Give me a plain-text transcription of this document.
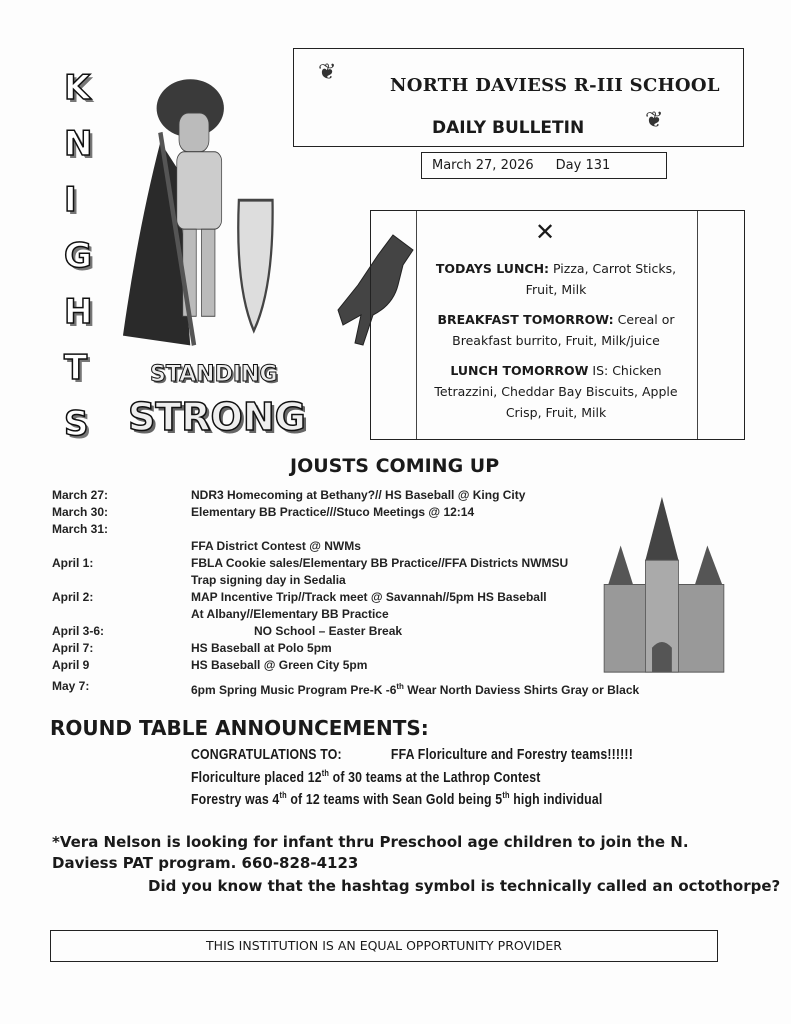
❦
❦
NORTH DAVIESS R-III SCHOOL
DAILY BULLETIN
March 27, 2026 Day 131
K
N
I
G
H
T
S
STANDING
STRONG
✕

TODAYS LUNCH: Pizza, Carrot Sticks, Fruit, Milk

BREAKFAST TOMORROW: Cereal or Breakfast burrito, Fruit, Milk/juice

LUNCH TOMORROW IS: Chicken Tetrazzini, Cheddar Bay Biscuits, Apple Crisp, Fruit, Milk

JOUSTS COMING UP
March 27:	NDR3 Homecoming at Bethany?// HS Baseball @ King City
March 30:	Elementary BB Practice///Stuco Meetings @ 12:14
March 31:
FFA District Contest @ NWMs
April 1:	FBLA Cookie sales/Elementary BB Practice//FFA Districts NWMSU
Trap signing day in Sedalia
April 2:	MAP Incentive Trip//Track meet @ Savannah//5pm HS Baseball
At Albany//Elementary BB Practice
April 3-6:	NO School – Easter Break
April 7:	HS Baseball at Polo 5pm
April 9	HS Baseball @ Green City 5pm
May 7:	6pm Spring Music Program Pre-K -6th Wear North Daviess Shirts Gray or Black
ROUND TABLE ANNOUNCEMENTS:
CONGRATULATIONS TO:	FFA Floriculture and Forestry teams!!!!!!
Floriculture placed 12th of 30 teams at the Lathrop Contest
Forestry was 4th of 12 teams with Sean Gold being 5th high individual
*Vera Nelson is looking for infant thru Preschool age children to join the N. Daviess PAT program. 660-828-4123
Did you know that the hashtag symbol is technically called an octothorpe?
THIS INSTITUTION IS AN EQUAL OPPORTUNITY PROVIDER
